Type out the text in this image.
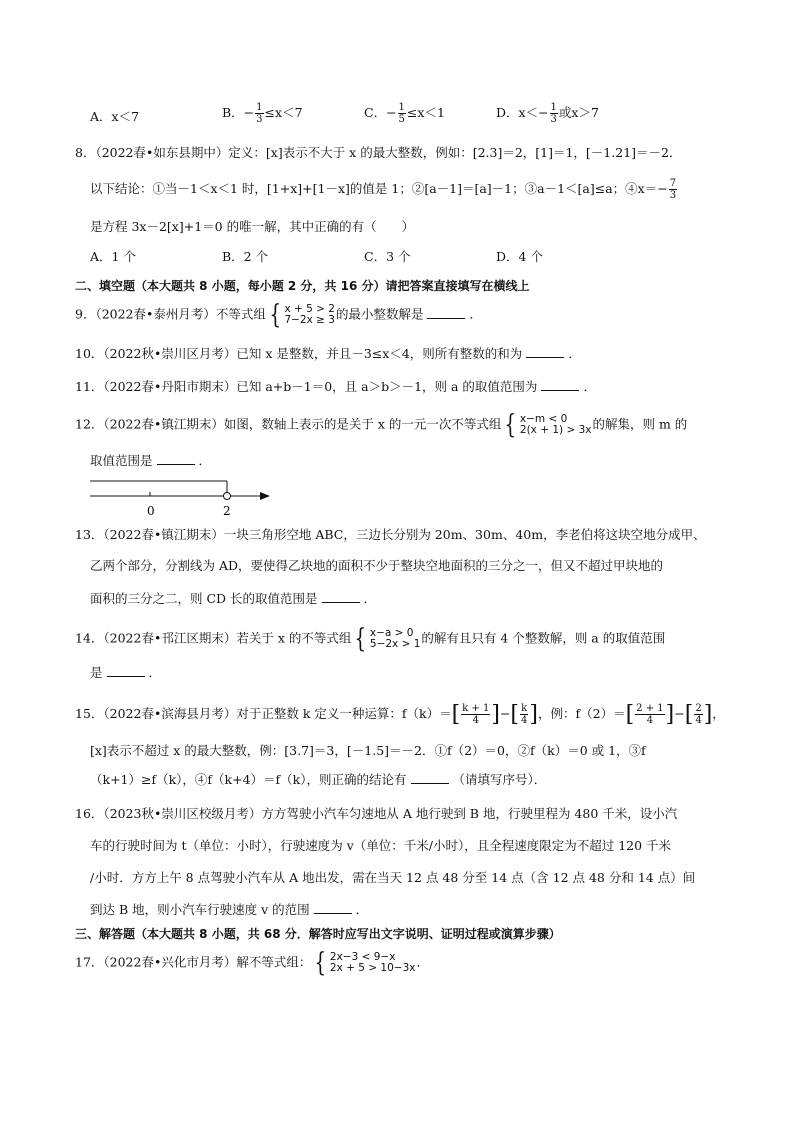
A．x＜7	B．− $\frac{1}{3} \le x<7$	C．− $\frac{1}{5} \le x<1$	D．$x<- \frac{1}{3}$ 或x＞7
8．（2022春•如东县期中）定义：[x]表示不大于 x 的最大整数，例如：[2.3]＝2，[1]＝1，[－1.21]＝－2．
以下结论：①当－1＜x＜1 时，[1+x]+[1－x]的值是 1；②[a－1]＝[a]－1；③a－1＜[a]≤a；④x＝− $\frac{7}{3}$
是方程 3x－2[x]+1＝0 的唯一解，其中正确的有（　　）
A．1 个	B．2 个	C．3 个	D．4 个
二、填空题（本大题共 8 小题，每小题 2 分，共 16 分）请把答案直接填写在横线上
9．（2022春•泰州月考）不等式组 { x + 5 > 2
7−2x ≥ 3 的最小整数解是	．
10．（2022秋•崇川区月考）已知 x 是整数，并且－3≤x＜4，则所有整数的和为	．
11．（2022春•丹阳市期末）已知 a+b－1＝0，且 a＞b＞－1，则 a 的取值范围为	．
12．（2022春•镇江期末）如图，数轴上表示的是关于 x 的一元一次不等式组 { x−m < 0
2(x + 1) > 3x 的解集，则 m 的
取值范围是	．
0	2
13．（2022春•镇江期末）一块三角形空地 ABC，三边长分别为 20m、30m、40m，李老伯将这块空地分成甲、
乙两个部分，分割线为 AD，要使得乙块地的面积不少于整块空地面积的三分之一，但又不超过甲块地的
面积的三分之二，则 CD 长的取值范围是	．
14．（2022春•邗江区期末）若关于 x 的不等式组 { x−a > 0
5−2x > 1 的解有且只有 4 个整数解，则 a 的取值范围
是	．
15．（2022春•滨海县月考）对于正整数 k 定义一种运算：f（k）＝ [ $\frac{k + 1}{4}$ ] − [ $\frac{k}{4}$ ] ，例：f（2）＝ [ $\frac{2 + 1}{4}$ ] − [ $\frac{2}{4}$ ] ，
[x]表示不超过 x 的最大整数，例：[3.7]＝3，[－1.5]＝－2．①f（2）＝0，②f（k）＝0 或 1，③f
（k+1）≥f（k），④f（k+4）＝f（k），则正确的结论有	（请填写序号）．
16．（2023秋•崇川区校级月考）方方驾驶小汽车匀速地从 A 地行驶到 B 地，行驶里程为 480 千米，设小汽
车的行驶时间为 t（单位：小时），行驶速度为 v（单位：千米/小时），且全程速度限定为不超过 120 千米
/小时．方方上午 8 点驾驶小汽车从 A 地出发，需在当天 12 点 48 分至 14 点（含 12 点 48 分和 14 点）间
到达 B 地，则小汽车行驶速度 v 的范围	．
三、解答题（本大题共 8 小题，共 68 分．解答时应写出文字说明、证明过程或演算步骤）
17．（2022春•兴化市月考）解不等式组： { 2x−3 < 9−x
2x + 5 > 10−3x ．
